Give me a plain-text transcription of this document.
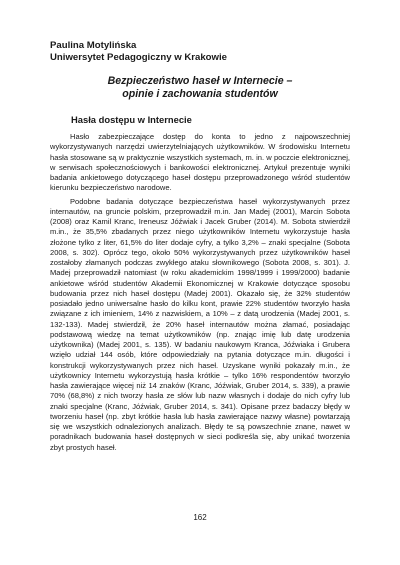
Paulina Motylińska

Uniwersytet Pedagogiczny w Krakowie

Bezpieczeństwo haseł w Internecie –
opinie i zachowania studentów
Hasła dostępu w Internecie

Hasło zabezpieczające dostęp do konta to jedno z najpowszechniej wykorzystywanych narzędzi uwierzytelniających użytkowników. W środowisku Internetu hasła stosowane są w praktycznie wszystkich systemach, m. in. w poczcie elektronicznej, w serwisach społecznościowych i bankowości elektronicznej. Artykuł prezentuje wyniki badania ankietowego dotyczącego haseł dostępu przeprowadzonego wśród studentów kierunku bezpieczeństwo narodowe.

Podobne badania dotyczące bezpieczeństwa haseł wykorzystywanych przez internautów, na gruncie polskim, przeprowadził m.in. Jan Madej (2001), Marcin Sobota (2008) oraz Kamil Kranc, Ireneusz Jóźwiak i Jacek Gruber (2014). M. Sobota stwierdził m.in., że 35,5% zbadanych przez niego użytkowników Internetu wykorzystuje hasła złożone tylko z liter, 61,5% do liter dodaje cyfry, a tylko 3,2% – znaki specjalne (Sobota 2008, s. 302). Oprócz tego, około 50% wykorzystywanych przez użytkowników haseł zostałoby złamanych podczas zwykłego ataku słownikowego (Sobota 2008, s. 301). J. Madej przeprowadził natomiast (w roku akademickim 1998/1999 i 1999/2000) badanie ankietowe wśród studentów Akademii Ekonomicznej w Krakowie dotyczące sposobu budowania przez nich haseł dostępu (Madej 2001). Okazało się, że 32% studentów posiadało jedno uniwersalne hasło do kilku kont, prawie 22% studentów tworzyło hasła związane z ich imieniem, 14% z nazwiskiem, a 10% – z datą urodzenia (Madej 2001, s. 132-133). Madej stwierdził, że 20% haseł internautów można złamać, posiadając podstawową wiedzę na temat użytkowników (np. znając imię lub datę urodzenia użytkownika) (Madej 2001, s. 135). W badaniu naukowym Kranca, Jóźwiaka i Grubera wzięło udział 144 osób, które odpowiedziały na pytania dotyczące m.in. długości i konstrukcji wykorzystywanych przez nich haseł. Uzyskane wyniki pokazały m.in., że użytkownicy Internetu wykorzystują hasła krótkie – tylko 16% respondentów tworzyło hasła zawierające więcej niż 14 znaków (Kranc, Jóźwiak, Gruber 2014, s. 339), a prawie 70% (68,8%) z nich tworzy hasła ze słów lub nazw własnych i dodaje do nich cyfry lub znaki specjalne (Kranc, Jóźwiak, Gruber 2014, s. 341). Opisane przez badaczy błędy w tworzeniu haseł (np. zbyt krótkie hasła lub hasła zawierające nazwy własne) powtarzają się we wszystkich odnalezionych analizach. Błędy te są powszechnie znane, nawet w poradnikach budowania haseł dostępnych w sieci podkreśla się, aby unikać tworzenia zbyt prostych haseł.

162
